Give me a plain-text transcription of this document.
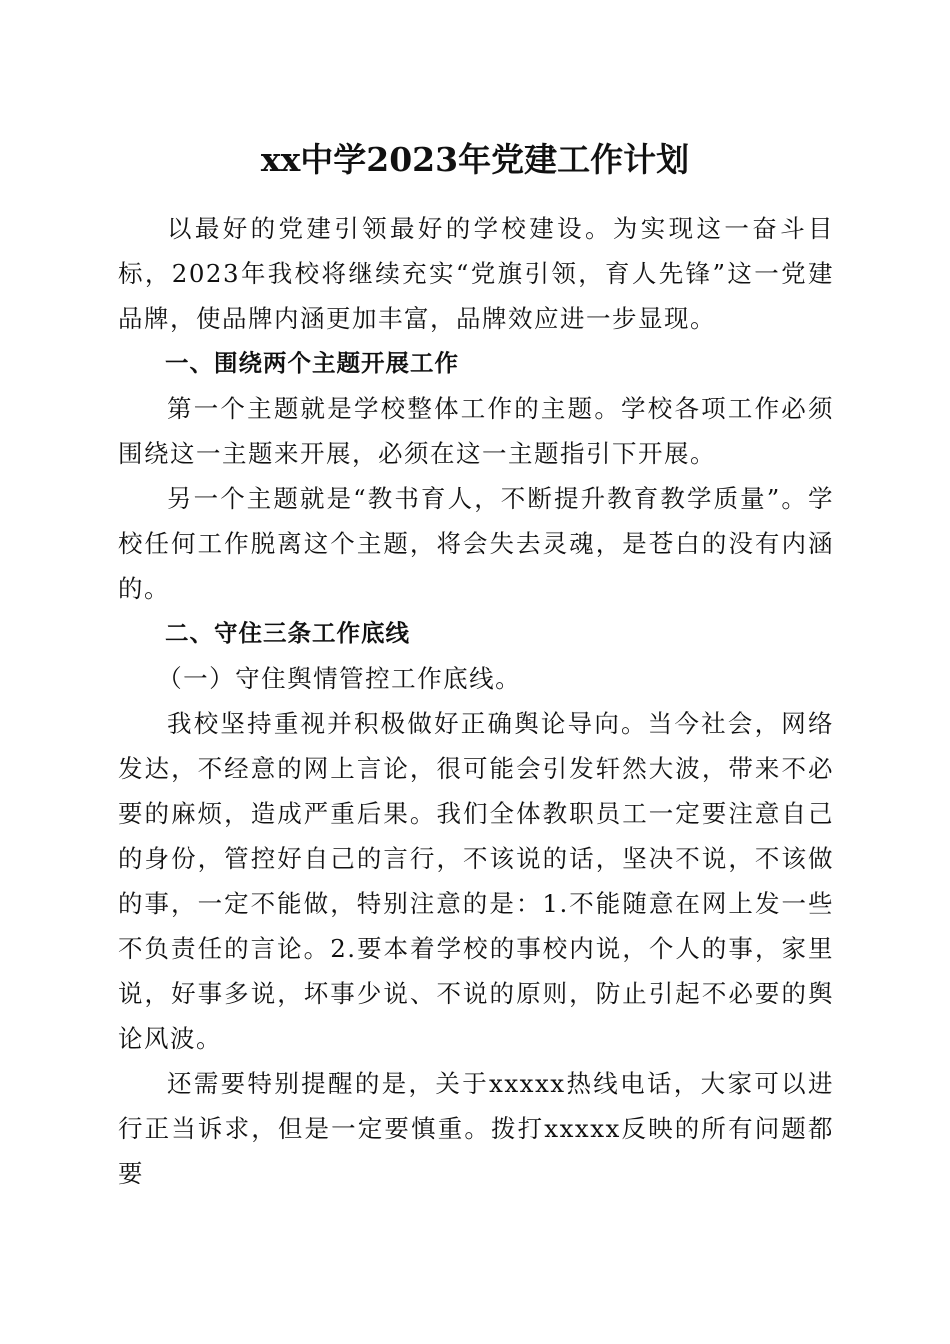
xx中学2023年党建工作计划

以最好的党建引领最好的学校建设。为实现这一奋斗目标，2023年我校将继续充实“党旗引领，育人先锋”这一党建品牌，使品牌内涵更加丰富，品牌效应进一步显现。

一、围绕两个主题开展工作

第一个主题就是学校整体工作的主题。学校各项工作必须围绕这一主题来开展，必须在这一主题指引下开展。

另一个主题就是“教书育人，不断提升教育教学质量”。学校任何工作脱离这个主题，将会失去灵魂，是苍白的没有内涵的。

二、守住三条工作底线

（一）守住舆情管控工作底线。

我校坚持重视并积极做好正确舆论导向。当今社会，网络发达，不经意的网上言论，很可能会引发轩然大波，带来不必要的麻烦，造成严重后果。我们全体教职员工一定要注意自己的身份，管控好自己的言行，不该说的话，坚决不说，不该做的事，一定不能做，特别注意的是：1.不能随意在网上发一些不负责任的言论。2.要本着学校的事校内说，个人的事，家里说，好事多说，坏事少说、不说的原则，防止引起不必要的舆论风波。

还需要特别提醒的是，关于xxxxx热线电话，大家可以进行正当诉求，但是一定要慎重。拨打xxxxx反映的所有问题都要
